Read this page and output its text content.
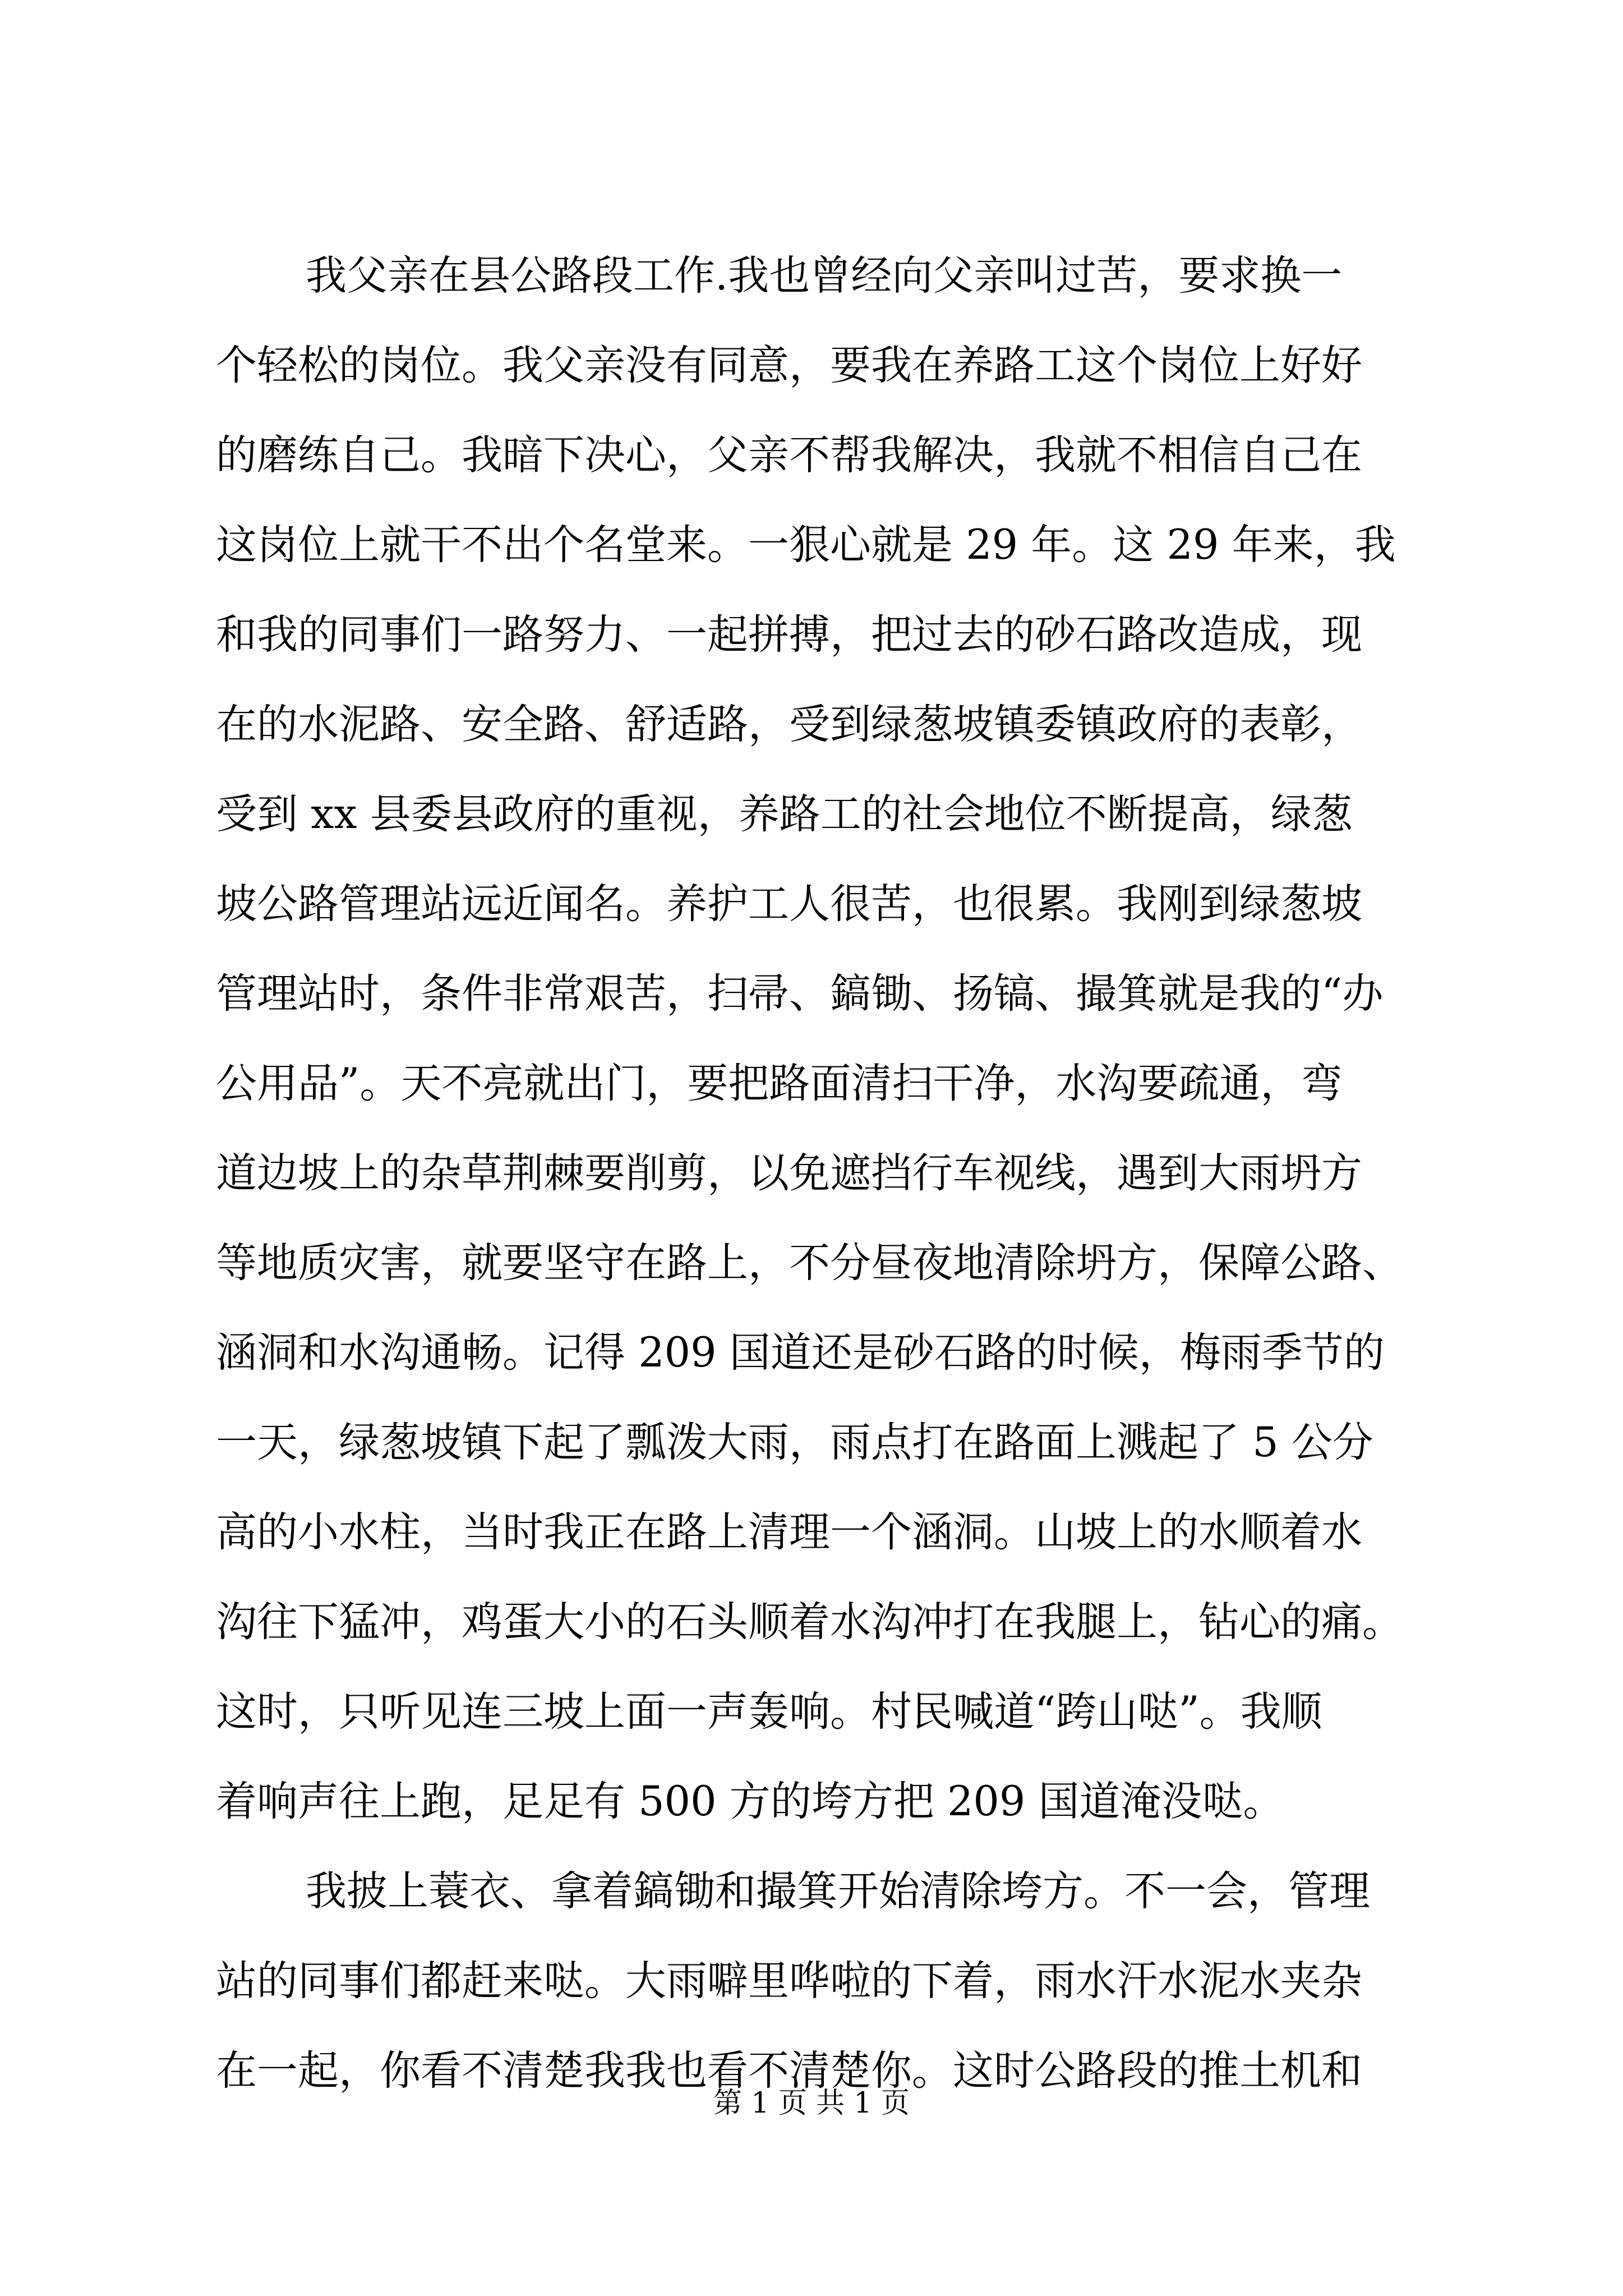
我父亲在县公路段工作.我也曾经向父亲叫过苦，要求换一
个轻松的岗位。我父亲没有同意，要我在养路工这个岗位上好好
的磨练自己。我暗下决心，父亲不帮我解决，我就不相信自己在
这岗位上就干不出个名堂来。一狠心就是 29 年。这 29 年来，我
和我的同事们一路努力、一起拼搏，把过去的砂石路改造成，现
在的水泥路、安全路、舒适路，受到绿葱坡镇委镇政府的表彰，
受到 xx 县委县政府的重视，养路工的社会地位不断提高，绿葱
坡公路管理站远近闻名。养护工人很苦，也很累。我刚到绿葱坡
管理站时，条件非常艰苦，扫帚、鎬锄、扬镐、撮箕就是我的“办
公用品”。天不亮就出门，要把路面清扫干净，水沟要疏通，弯
道边坡上的杂草荆棘要削剪，以免遮挡行车视线，遇到大雨坍方
等地质灾害，就要坚守在路上，不分昼夜地清除坍方，保障公路、
涵洞和水沟通畅。记得 209 国道还是砂石路的时候，梅雨季节的
一天，绿葱坡镇下起了瓢泼大雨，雨点打在路面上溅起了 5 公分
高的小水柱，当时我正在路上清理一个涵洞。山坡上的水顺着水
沟往下猛冲，鸡蛋大小的石头顺着水沟冲打在我腿上，钻心的痛。
这时，只听见连三坡上面一声轰响。村民喊道“跨山哒”。我顺
着响声往上跑，足足有 500 方的垮方把 209 国道淹没哒。
我披上蓑衣、拿着鎬锄和撮箕开始清除垮方。不一会，管理
站的同事们都赶来哒。大雨噼里哗啦的下着，雨水汗水泥水夹杂
在一起，你看不清楚我我也看不清楚你。这时公路段的推土机和
第 1 页 共 1 页
